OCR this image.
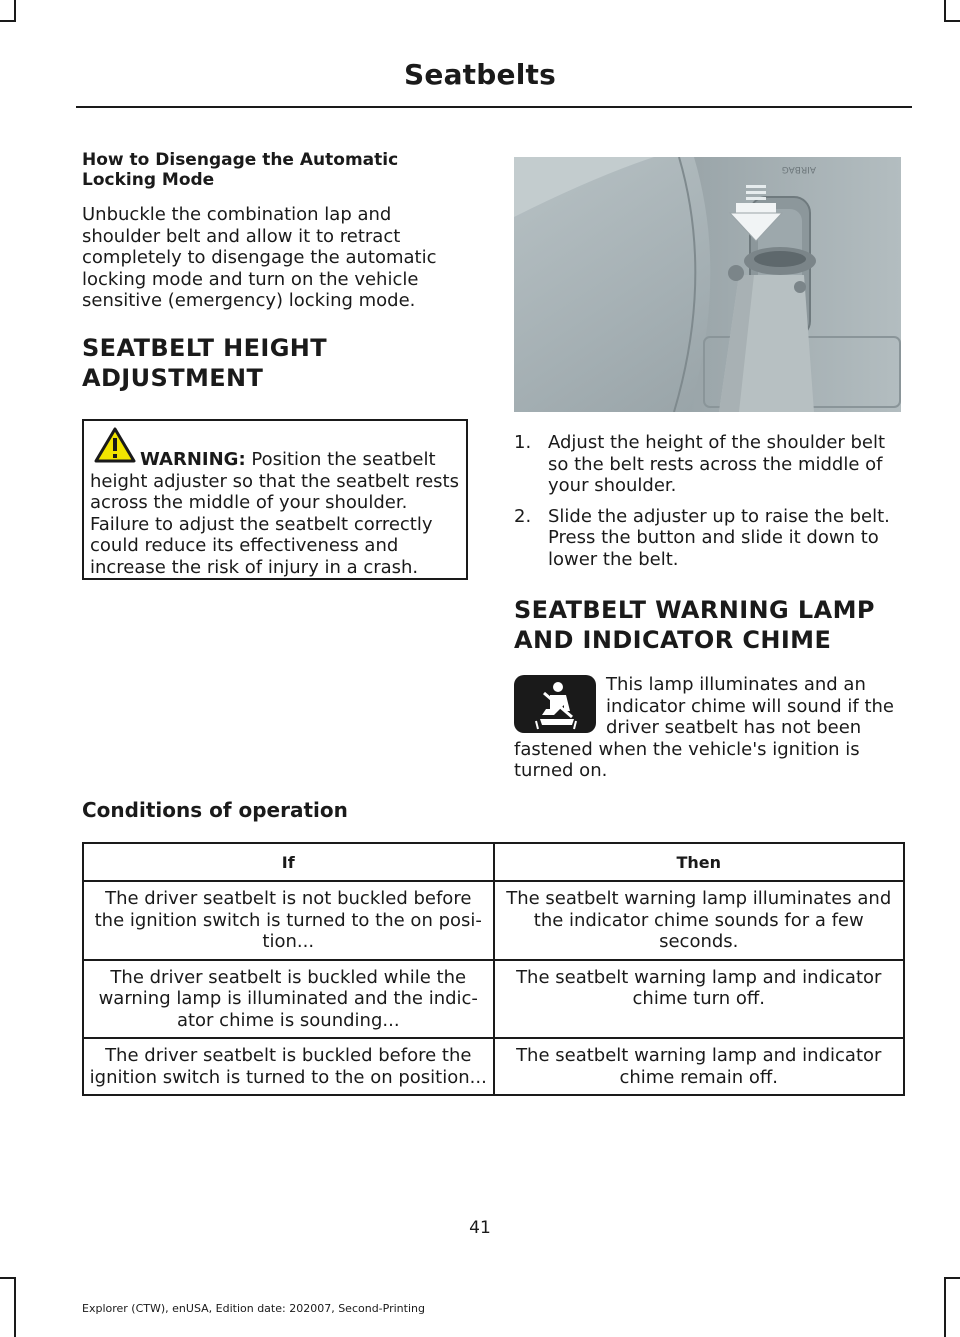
Seatbelts

How to Disengage the Automatic Locking Mode

Unbuckle the combination lap and shoulder belt and allow it to retract completely to disengage the automatic locking mode and turn on the vehicle sensitive (emergency) locking mode.

SEATBELT HEIGHT

ADJUSTMENT

WARNING: Position the seatbelt height adjuster so that the seatbelt rests across the middle of your shoulder. Failure to adjust the seatbelt correctly could reduce its effectiveness and increase the risk of injury in a crash.
AIRBAG
1. Adjust the height of the shoulder belt so the belt rests across the middle of your shoulder.
2. Slide the adjuster up to raise the belt. Press the button and slide it down to lower the belt.

SEATBELT WARNING LAMP

AND INDICATOR CHIME

This lamp illuminates and an indicator chime will sound if the driver seatbelt has not been fastened when the vehicle's ignition is turned on.

Conditions of operation

If	Then
The driver seatbelt is not buckled before the ignition switch is turned to the on posi-tion...	The seatbelt warning lamp illuminates and the indicator chime sounds for a few seconds.
The driver seatbelt is buckled while the warning lamp is illuminated and the indic-ator chime is sounding...	The seatbelt warning lamp and indicator chime turn off.
The driver seatbelt is buckled before the ignition switch is turned to the on position...	The seatbelt warning lamp and indicator chime remain off.
41
Explorer (CTW), enUSA, Edition date: 202007, Second-Printing
